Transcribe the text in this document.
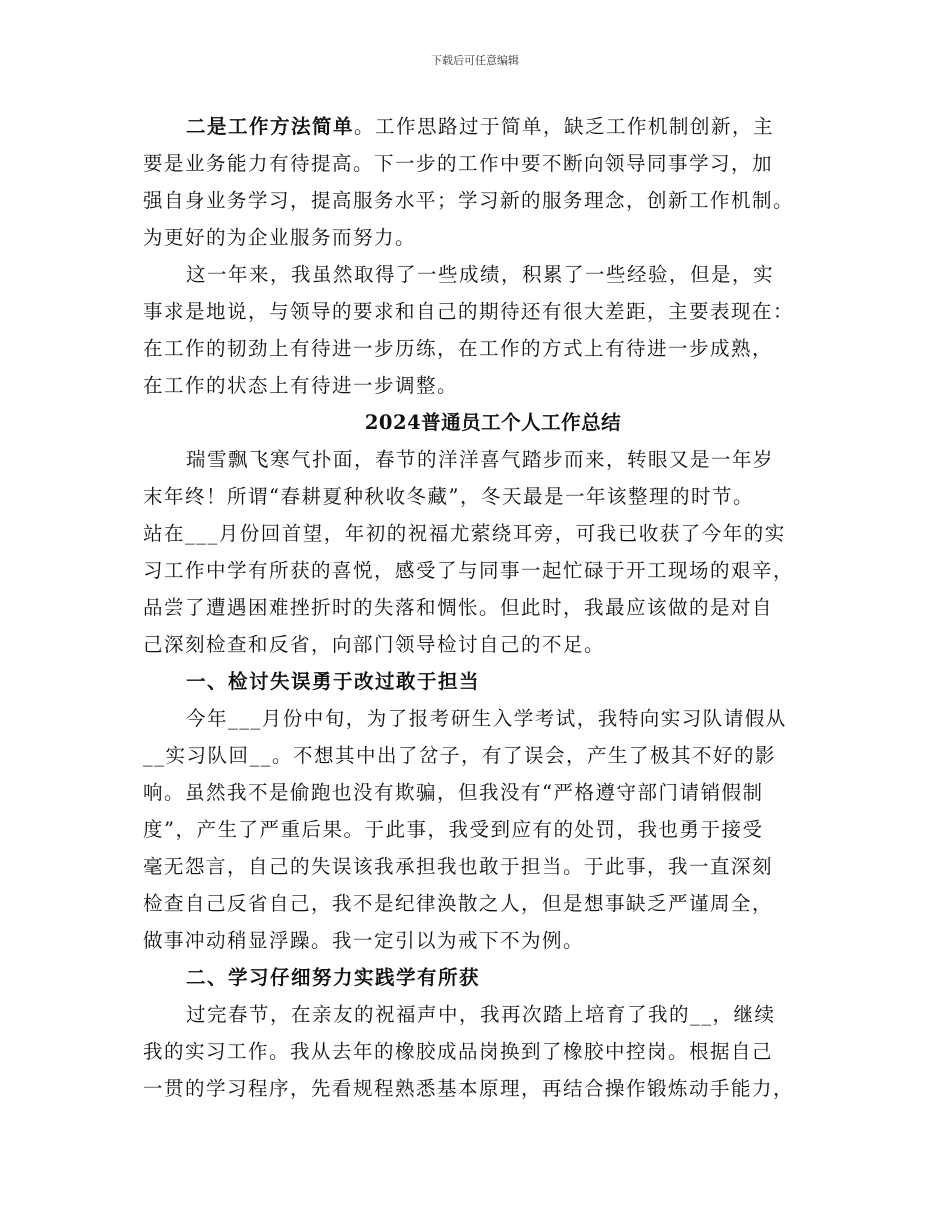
下载后可任意编辑
二是工作方法简单。工作思路过于简单，缺乏工作机制创新，主
要是业务能力有待提高。下一步的工作中要不断向领导同事学习，加
强自身业务学习，提高服务水平；学习新的服务理念，创新工作机制。
为更好的为企业服务而努力。
这一年来，我虽然取得了一些成绩，积累了一些经验，但是，实
事求是地说，与领导的要求和自己的期待还有很大差距，主要表现在：
在工作的韧劲上有待进一步历练，在工作的方式上有待进一步成熟，
在工作的状态上有待进一步调整。
2024普通员工个人工作总结
瑞雪飘飞寒气扑面，春节的洋洋喜气踏步而来，转眼又是一年岁
末年终！所谓“春耕夏种秋收冬藏”，冬天最是一年该整理的时节。
站在___月份回首望，年初的祝福尤萦绕耳旁，可我已收获了今年的实
习工作中学有所获的喜悦，感受了与同事一起忙碌于开工现场的艰辛，
品尝了遭遇困难挫折时的失落和惆怅。但此时，我最应该做的是对自
己深刻检查和反省，向部门领导检讨自己的不足。
一、检讨失误勇于改过敢于担当
今年___月份中旬，为了报考研生入学考试，我特向实习队请假从
__实习队回__。不想其中出了岔子，有了误会，产生了极其不好的影
响。虽然我不是偷跑也没有欺骗，但我没有“严格遵守部门请销假制
度”，产生了严重后果。于此事，我受到应有的处罚，我也勇于接受
毫无怨言，自己的失误该我承担我也敢于担当。于此事，我一直深刻
检查自己反省自己，我不是纪律涣散之人，但是想事缺乏严谨周全，
做事冲动稍显浮躁。我一定引以为戒下不为例。
二、学习仔细努力实践学有所获
过完春节，在亲友的祝福声中，我再次踏上培育了我的__，继续
我的实习工作。我从去年的橡胶成品岗换到了橡胶中控岗。根据自己
一贯的学习程序，先看规程熟悉基本原理，再结合操作锻炼动手能力，
